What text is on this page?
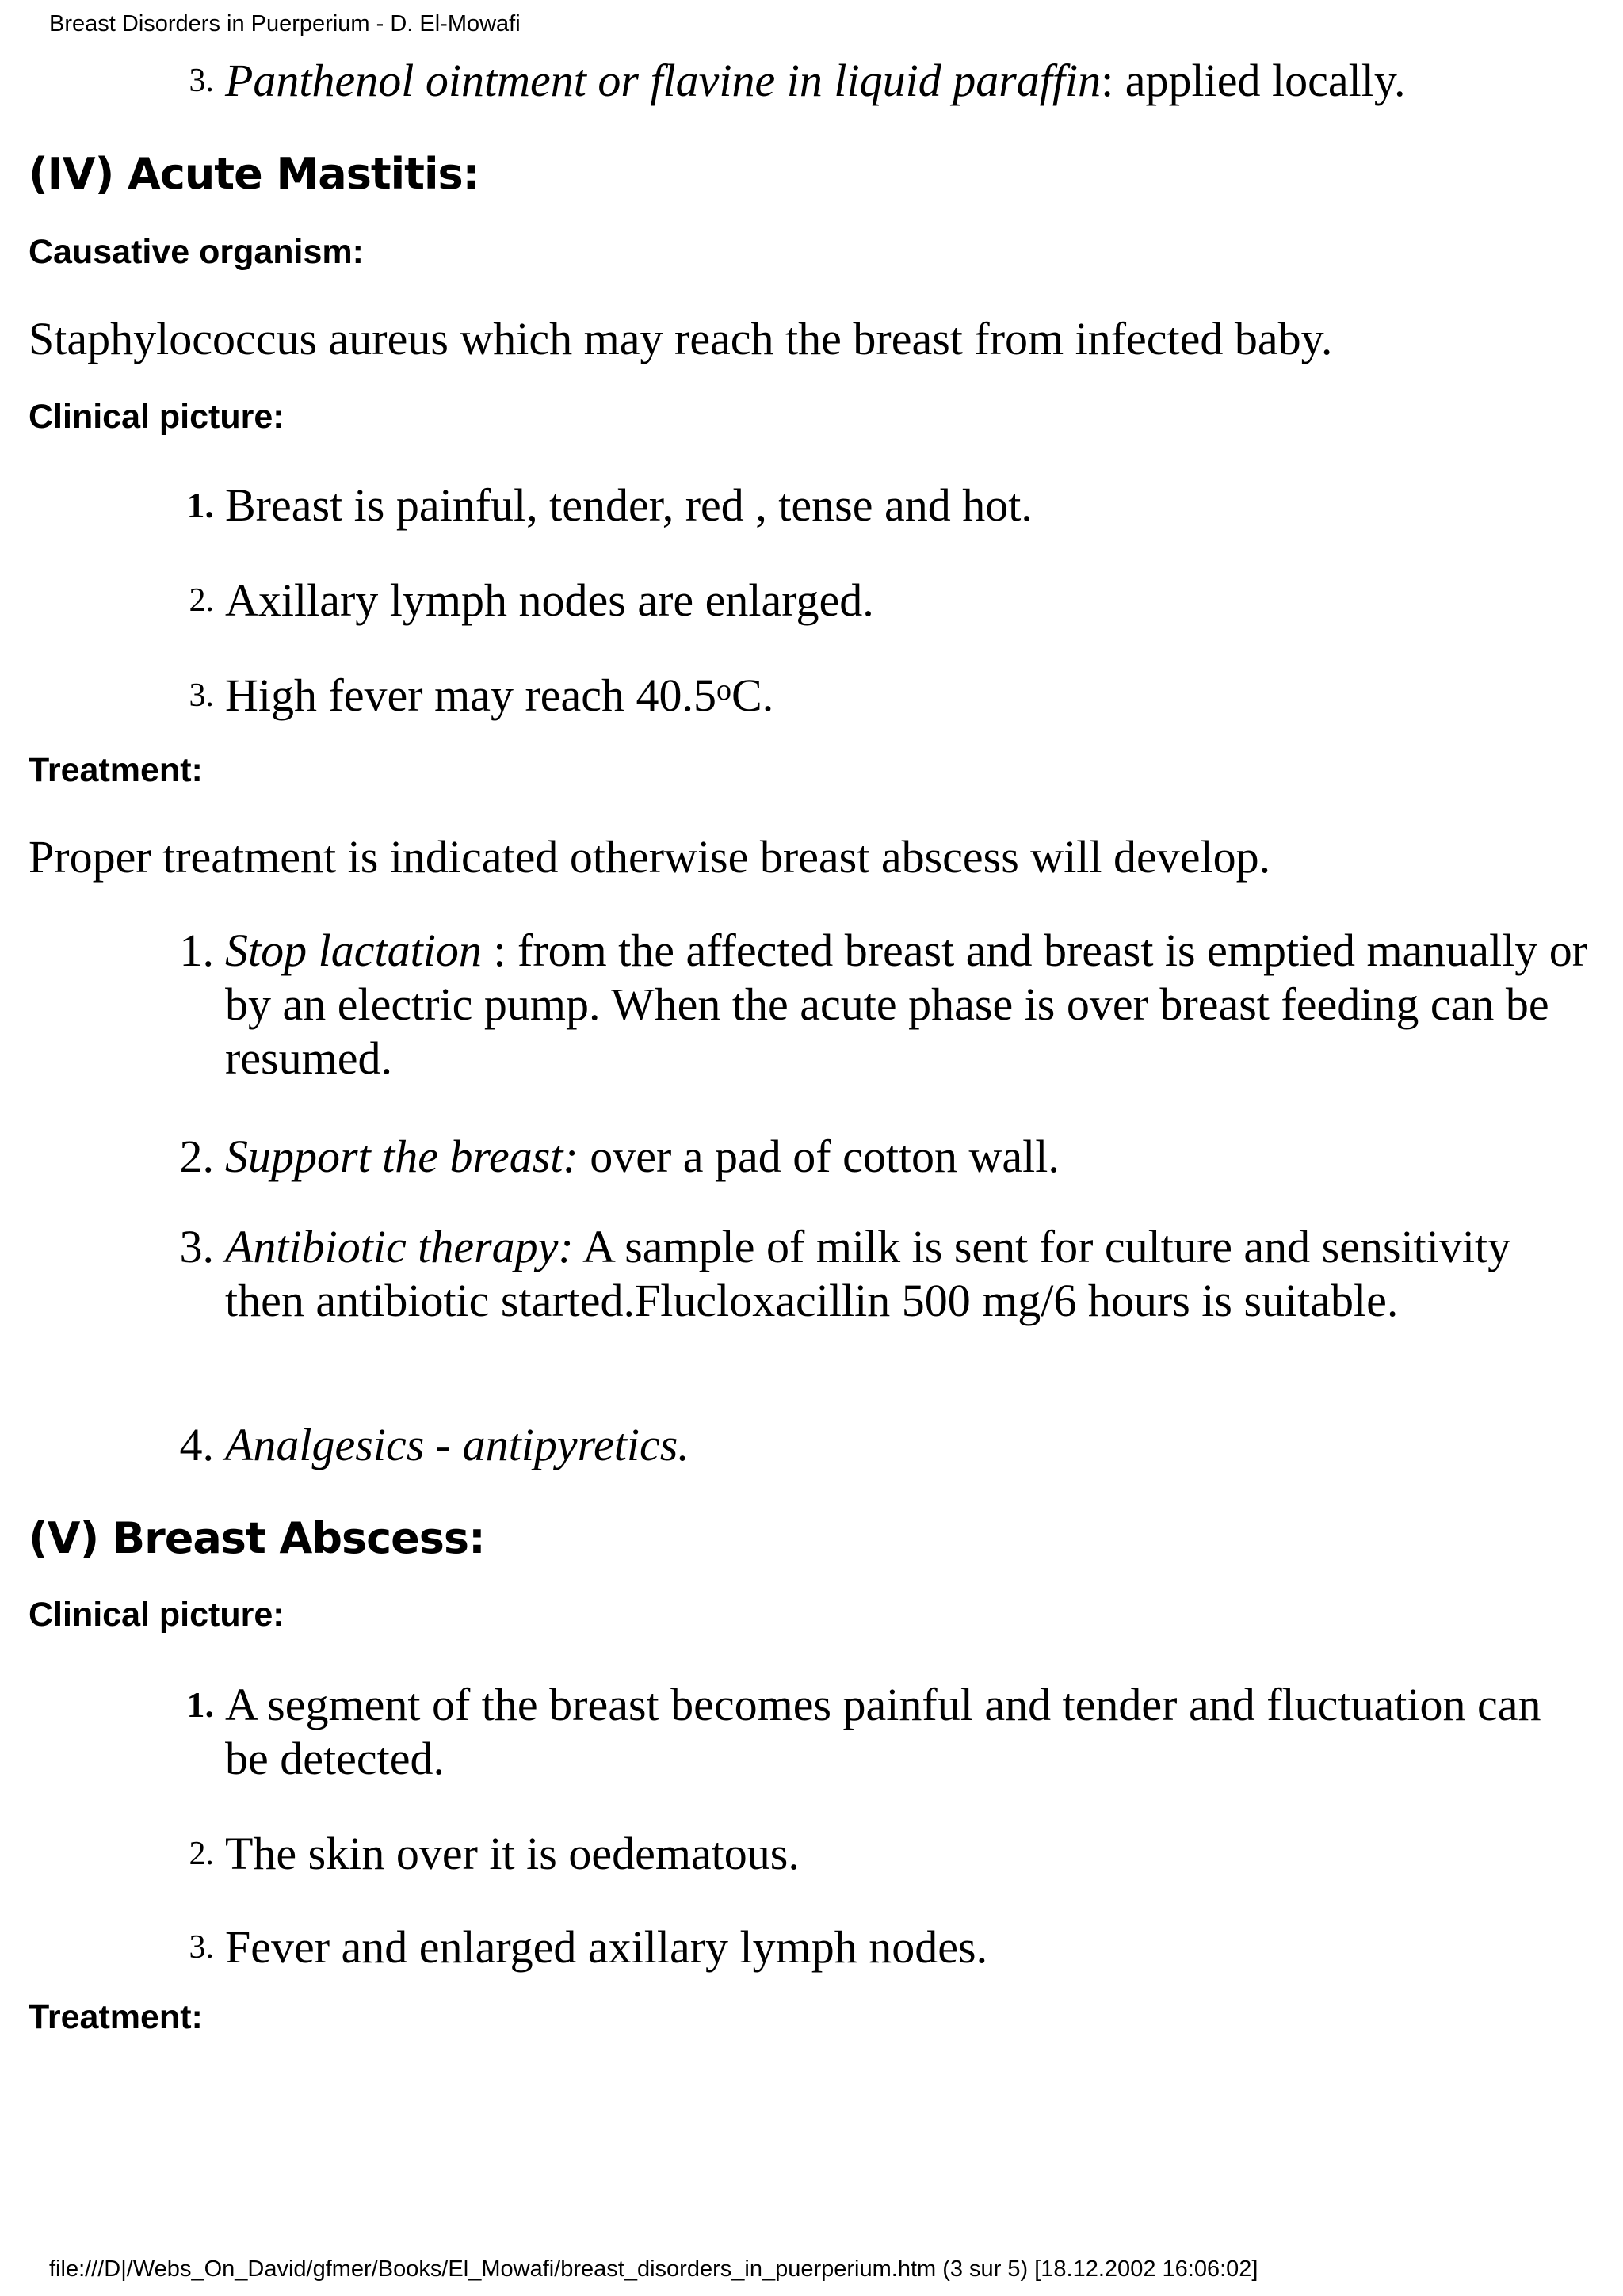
Breast Disorders in Puerperium - D. El-Mowafi
3. Panthenol ointment or flavine in liquid paraffin: applied locally.
(IV) Acute Mastitis:
Causative organism:
Staphylococcus aureus which may reach the breast from infected baby.
Clinical picture:
1. Breast is painful, tender, red , tense and hot.
2. Axillary lymph nodes are enlarged.
3. High fever may reach 40.5$^o$C.
Treatment:
Proper treatment is indicated otherwise breast abscess will develop.
1. Stop lactation : from the affected breast and breast is emptied manually or by an electric pump. When the acute phase is over breast feeding can be resumed.
2. Support the breast: over a pad of cotton wall.
3. Antibiotic therapy: A sample of milk is sent for culture and sensitivity then antibiotic started.Flucloxacillin 500 mg/6 hours is suitable.
4. Analgesics - antipyretics.
(V) Breast Abscess:
Clinical picture:
1. A segment of the breast becomes painful and tender and fluctuation can be detected.
2. The skin over it is oedematous.
3. Fever and enlarged axillary lymph nodes.
Treatment:
file:///D|/Webs_On_David/gfmer/Books/El_Mowafi/breast_disorders_in_puerperium.htm (3 sur 5) [18.12.2002 16:06:02]
